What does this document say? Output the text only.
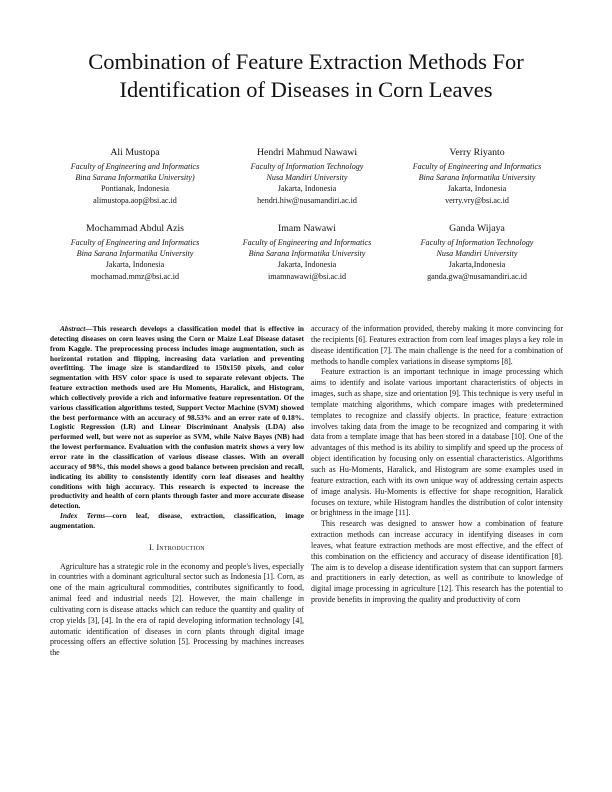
Combination of Feature Extraction Methods For
Identification of Diseases in Corn Leaves
Ali Mustopa
Faculty of Engineering and Informatics
Bina Sarana Informatika University)
Pontianak, Indonesia
alimustopa.aop@bsi.ac.id
Hendri Mahmud Nawawi
Faculty of Information Technology
Nusa Mandiri University
Jakarta, Indonesia
hendri.hiw@nusamandiri.ac.id
Verry Riyanto
Faculty of Engineering and Informatics
Bina Sarana Informatika University
Jakarta, Indonesia
verry.vry@bsi.ac.id
Mochammad Abdul Azis
Faculty of Engineering and Informatics
Bina Sarana Informatika University
Jakarta, Indonesia
mochamad.mmz@bsi.ac.id
Imam Nawawi
Faculty of Engineering and Informatics
Bina Sarana Informatika University
Jakarta, Indonesia
imamnawawi@bsi.ac.id
Ganda Wijaya
Faculty of Information Technology
Nusa Mandiri University
Jakarta,Indonesia
ganda.gwa@nusamandiri.ac.id

Abstract—This research develops a classification model that is effective in detecting diseases on corn leaves using the Corn or Maize Leaf Disease dataset from Kaggle. The preprocessing process includes image augmentation, such as horizontal rotation and flipping, increasing data variation and preventing overfitting. The image size is standardized to 150x150 pixels, and color segmentation with HSV color space is used to separate relevant objects. The feature extraction methods used are Hu Moments, Haralick, and Histogram, which collectively provide a rich and informative feature representation. Of the various classification algorithms tested, Support Vector Machine (SVM) showed the best performance with an accuracy of 98.53% and an error rate of 0.18%. Logistic Regression (LR) and Linear Discriminant Analysis (LDA) also performed well, but were not as superior as SVM, while Naive Bayes (NB) had the lowest performance. Evaluation with the confusion matrix shows a very low error rate in the classification of various disease classes. With an overall accuracy of 98%, this model shows a good balance between precision and recall, indicating its ability to consistently identify corn leaf diseases and healthy conditions with high accuracy. This research is expected to increase the productivity and health of corn plants through faster and more accurate disease detection.

Index Terms—corn leaf, disease, extraction, classification, image augmentation.

I. Introduction

Agriculture has a strategic role in the economy and people's lives, especially in countries with a dominant agricultural sector such as Indonesia [1]. Corn, as one of the main agricultural commodities, contributes significantly to food, animal feed and industrial needs [2]. However, the main challenge in cultivating corn is disease attacks which can reduce the quantity and quality of crop yields [3], [4]. In the era of rapid developing information technology [4], automatic identification of diseases in corn plants through digital image processing offers an effective solution [5]. Processing by machines increases the

accuracy of the information provided, thereby making it more convincing for the recipients [6]. Features extraction from corn leaf images plays a key role in disease identification [7]. The main challenge is the need for a combination of methods to handle complex variations in disease symptoms [8].

Feature extraction is an important technique in image processing which aims to identify and isolate various important characteristics of objects in images, such as shape, size and orientation [9]. This technique is very useful in template matching algorithms, which compare images with predetermined templates to recognize and classify objects. In practice, feature extraction involves taking data from the image to be recognized and comparing it with data from a template image that has been stored in a database [10]. One of the advantages of this method is its ability to simplify and speed up the process of object identification by focusing only on essential characteristics. Algorithms such as Hu-Moments, Haralick, and Histogram are some examples used in feature extraction, each with its own unique way of addressing certain aspects of image analysis. Hu-Moments is effective for shape recognition, Haralick focuses on texture, while Histogram handles the distribution of color intensity or brightness in the image [11].

This research was designed to answer how a combination of feature extraction methods can increase accuracy in identifying diseases in corn leaves, what feature extraction methods are most effective, and the effect of this combination on the efficiency and accuracy of disease identification [8]. The aim is to develop a disease identification system that can support farmers and practitioners in early detection, as well as contribute to knowledge of digital image processing in agriculture [12]. This research has the potential to provide benefits in improving the quality and productivity of corn
